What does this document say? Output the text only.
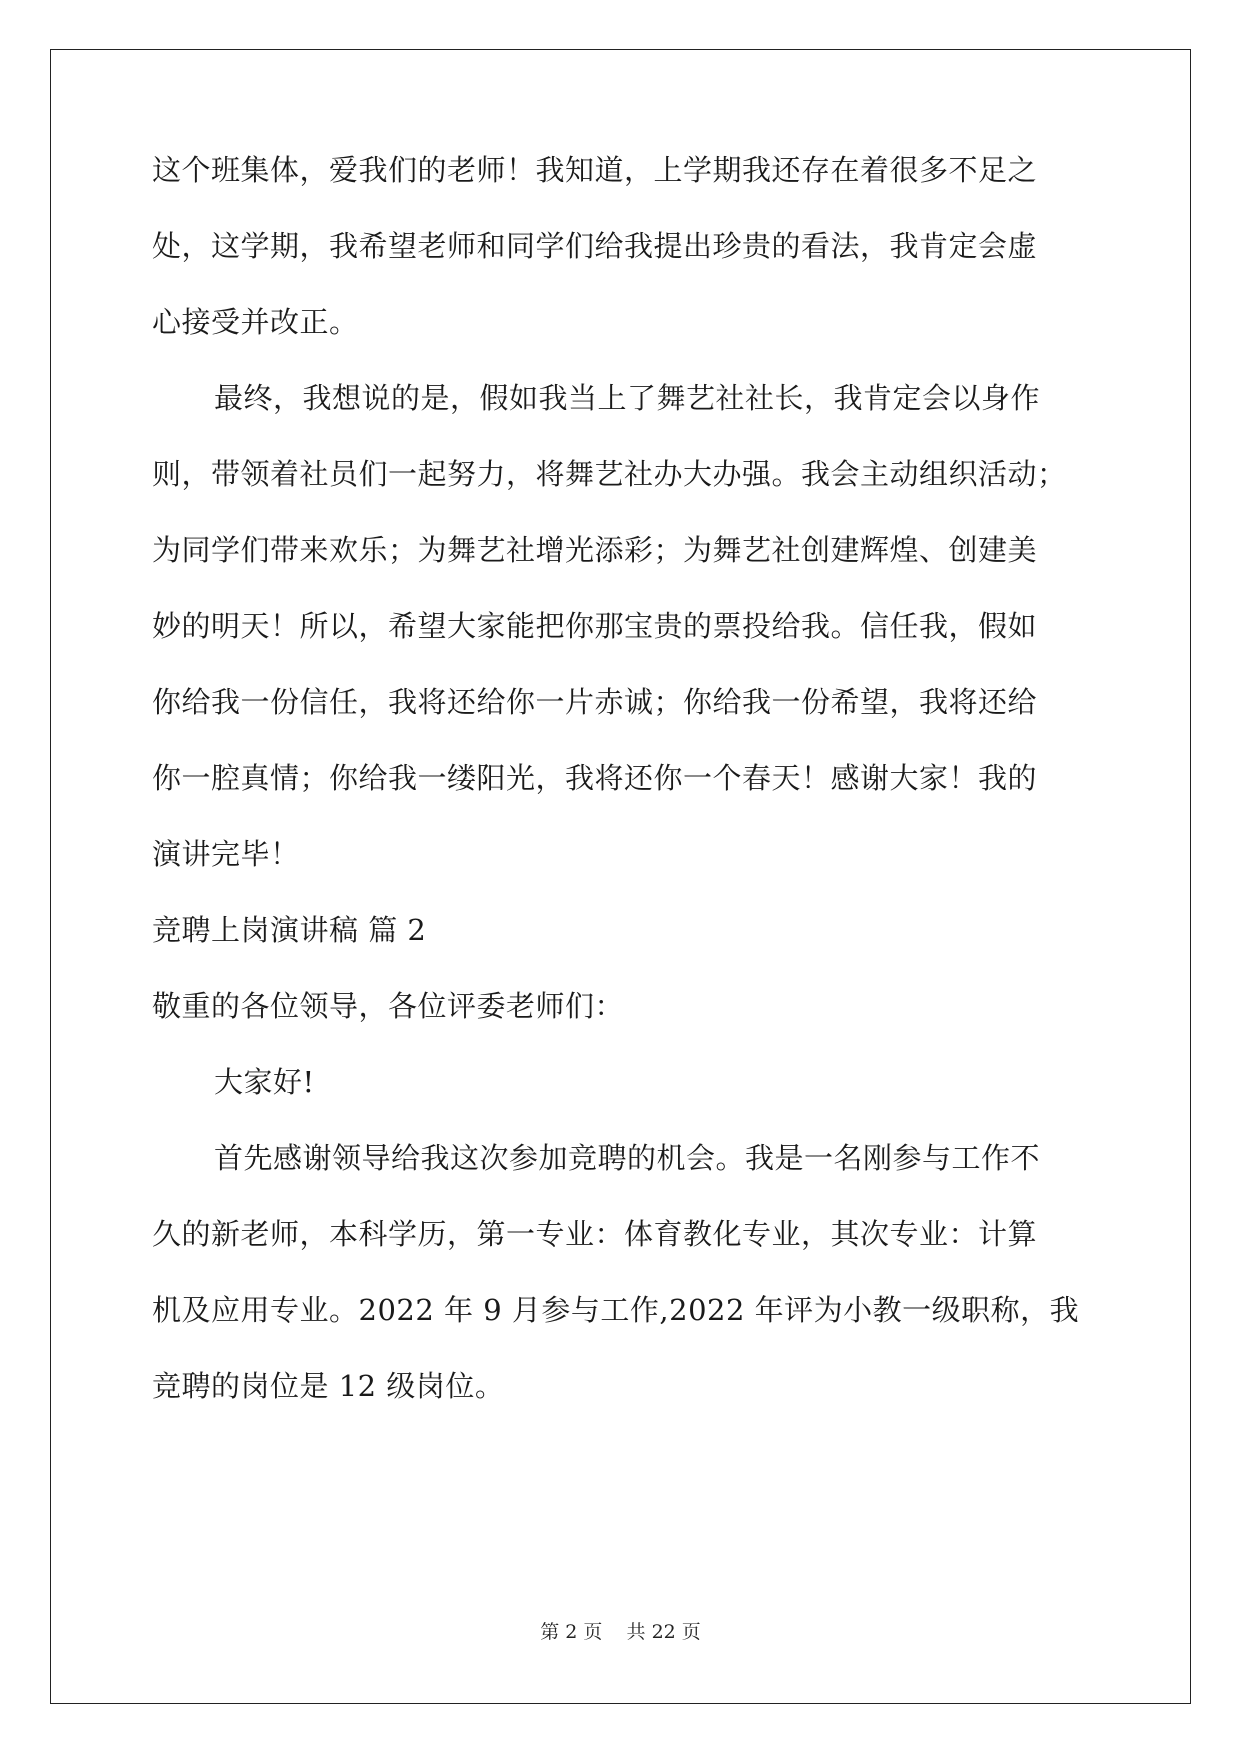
这个班集体，爱我们的老师！我知道，上学期我还存在着很多不足之
处，这学期，我希望老师和同学们给我提出珍贵的看法，我肯定会虚
心接受并改正。
最终，我想说的是，假如我当上了舞艺社社长，我肯定会以身作
则，带领着社员们一起努力，将舞艺社办大办强。我会主动组织活动；
为同学们带来欢乐；为舞艺社增光添彩；为舞艺社创建辉煌、创建美
妙的明天！所以，希望大家能把你那宝贵的票投给我。信任我，假如
你给我一份信任，我将还给你一片赤诚；你给我一份希望，我将还给
你一腔真情；你给我一缕阳光，我将还你一个春天！感谢大家！我的
演讲完毕！
竞聘上岗演讲稿 篇 2
敬重的各位领导，各位评委老师们：
大家好!
首先感谢领导给我这次参加竞聘的机会。我是一名刚参与工作不
久的新老师，本科学历，第一专业：体育教化专业，其次专业：计算
机及应用专业。2022 年 9 月参与工作,2022 年评为小教一级职称，我
竞聘的岗位是 12 级岗位。
第 2 页    共 22 页
